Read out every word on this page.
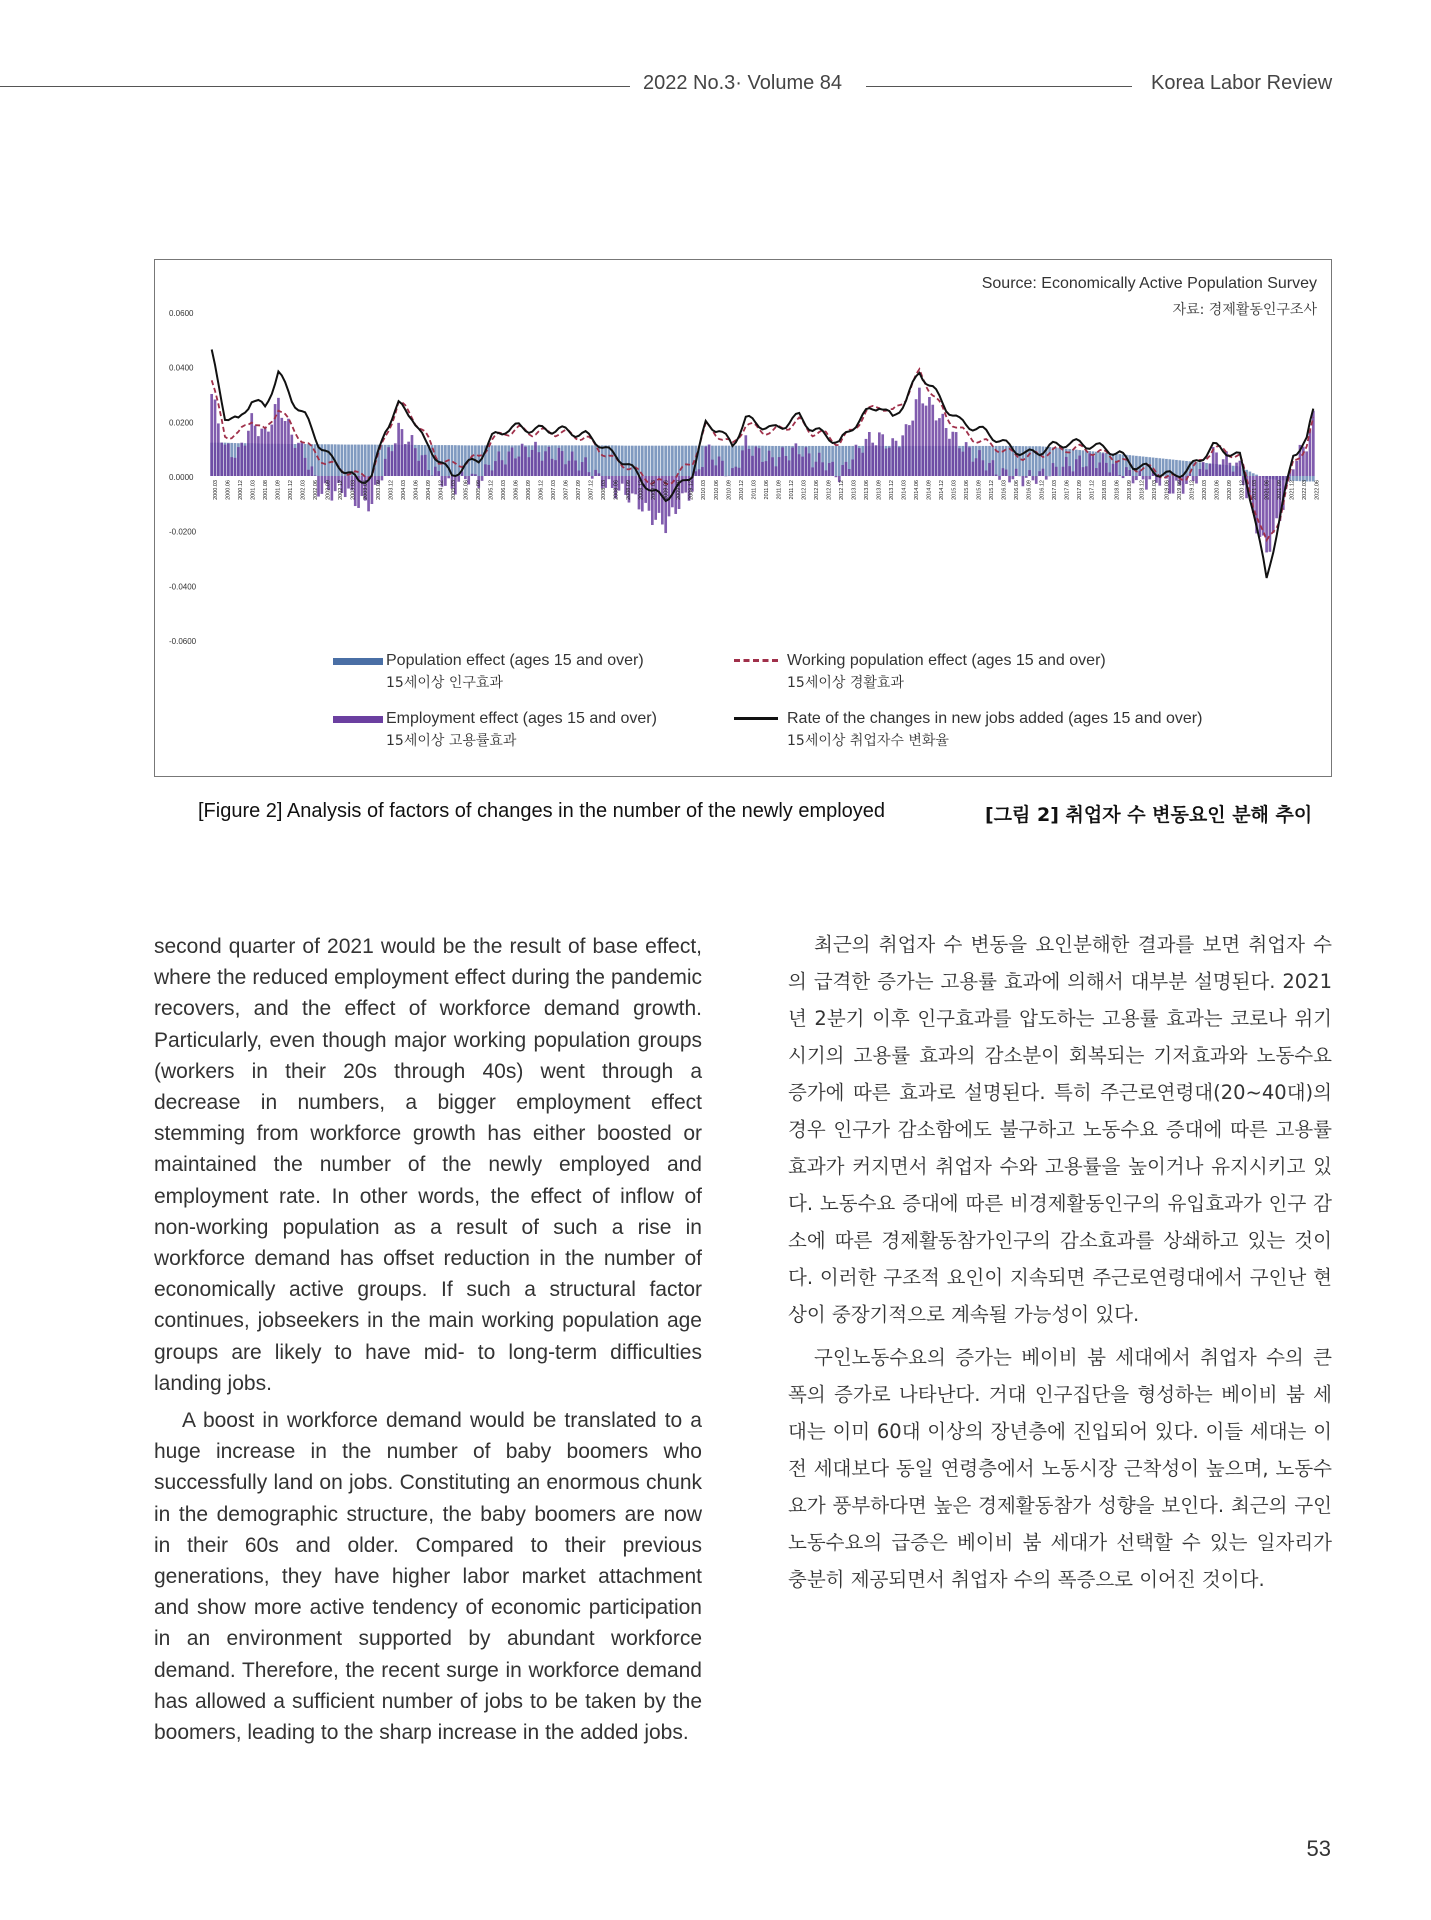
2022 No.3· Volume 84	Korea Labor Review
0.0600
0.0400
0.0200
0.0000
-0.0200
-0.0400
-0.0600
2000.03 2000.06 2000.12 2001.03 2001.08 2001.09 2001.12 2002.03 2002.06 2002.09 2002.12 2003.03 2003.06 2003.09 2003.12 2004.03 2004.06 2004.09 2004.12 2005.03 2005.06 2005.09 2005.12 2006.03 2006.06 2006.09 2006.12 2007.03 2007.06 2007.09 2007.12 2008.03 2008.06 2008.09 2008.12 2009.03 2009.06 2009.09 2009.12 2010.03 2010.06 2010.09 2010.12 2011.03 2011.06 2011.09 2011.12 2012.03 2012.06 2012.09 2012.12 2013.03 2013.06 2013.09 2013.12 2014.03 2014.06 2014.09 2014.12 2015.03 2015.06 2015.09 2015.12 2016.03 2016.06 2016.09 2016.12 2017.03 2017.06 2017.09 2017.12 2018.03 2018.06 2018.09 2018.12 2019.03 2019.06 2019.09 2019.12 2020.03 2020.06 2020.09 2020.12 2021.03 2021.06 2021.09 2021.12 2022.03 2022.06
Source: Economically Active Population Survey
자료: 경제활동인구조사
Population effect (ages 15 and over)
15세이상 인구효과
Employment effect (ages 15 and over)
15세이상 고용률효과
Working population effect (ages 15 and over)
15세이상 경활효과
Rate of the changes in new jobs added (ages 15 and over)
15세이상 취업자수 변화율
[Figure 2] Analysis of factors of changes in the number of the newly employed	[그림 2] 취업자 수 변동요인 분해 추이

second quarter of 2021 would be the result of base effect, where the reduced employment effect during the pandemic recovers, and the effect of workforce demand growth. Particularly, even though major working population groups (workers in their 20s through 40s) went through a decrease in numbers, a bigger employment effect stemming from workforce growth has either boosted or maintained the number of the newly employed and employment rate. In other words, the effect of inflow of non-working population as a result of such a rise in workforce demand has offset reduction in the number of economically active groups. If such a structural factor continues, jobseekers in the main working population age groups are likely to have mid- to long-term difficulties landing jobs.

A boost in workforce demand would be translated to a huge increase in the number of baby boomers who successfully land on jobs. Constituting an enormous chunk in the demographic structure, the baby boomers are now in their 60s and older. Compared to their previous generations, they have higher labor market attachment and show more active tendency of economic participation in an environment supported by abundant workforce demand. Therefore, the recent surge in workforce demand has allowed a sufficient number of jobs to be taken by the boomers, leading to the sharp increase in the added jobs.

최근의 취업자 수 변동을 요인분해한 결과를 보면 취업자 수의 급격한 증가는 고용률 효과에 의해서 대부분 설명된다. 2021년 2분기 이후 인구효과를 압도하는 고용률 효과는 코로나 위기 시기의 고용률 효과의 감소분이 회복되는 기저효과와 노동수요 증가에 따른 효과로 설명된다. 특히 주근로연령대(20~40대)의 경우 인구가 감소함에도 불구하고 노동수요 증대에 따른 고용률 효과가 커지면서 취업자 수와 고용률을 높이거나 유지시키고 있다. 노동수요 증대에 따른 비경제활동인구의 유입효과가 인구 감소에 따른 경제활동참가인구의 감소효과를 상쇄하고 있는 것이다. 이러한 구조적 요인이 지속되면 주근로연령대에서 구인난 현상이 중장기적으로 계속될 가능성이 있다.

구인노동수요의 증가는 베이비 붐 세대에서 취업자 수의 큰 폭의 증가로 나타난다. 거대 인구집단을 형성하는 베이비 붐 세대는 이미 60대 이상의 장년층에 진입되어 있다. 이들 세대는 이전 세대보다 동일 연령층에서 노동시장 근착성이 높으며, 노동수요가 풍부하다면 높은 경제활동참가 성향을 보인다. 최근의 구인노동수요의 급증은 베이비 붐 세대가 선택할 수 있는 일자리가 충분히 제공되면서 취업자 수의 폭증으로 이어진 것이다.

53
